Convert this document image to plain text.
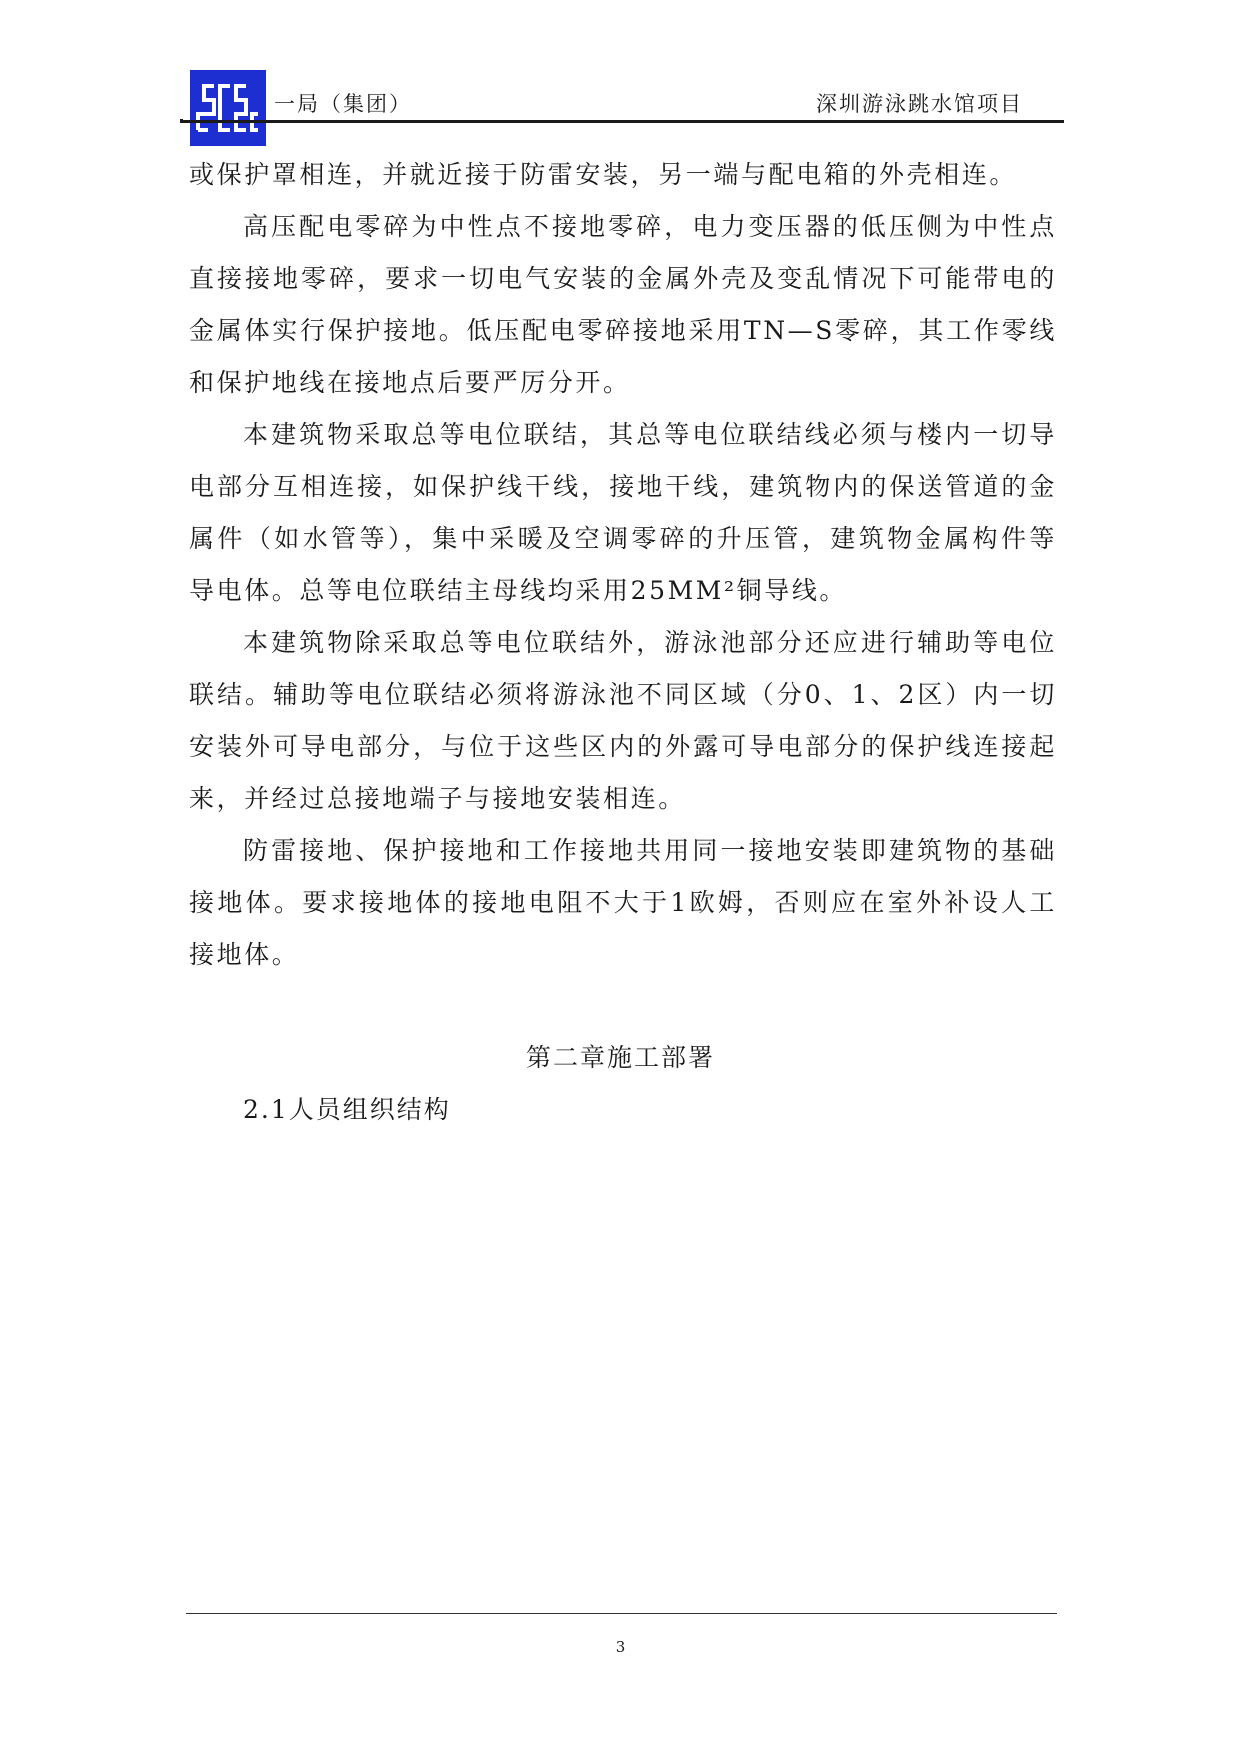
一局（集团）	深圳游泳跳水馆项目

或保护罩相连，并就近接于防雷安装，另一端与配电箱的外壳相连。

高压配电零碎为中性点不接地零碎，电力变压器的低压侧为中性点直接接地零碎，要求一切电气安装的金属外壳及变乱情况下可能带电的金属体实行保护接地。低压配电零碎接地采用TN—S零碎，其工作零线和保护地线在接地点后要严厉分开。

本建筑物采取总等电位联结，其总等电位联结线必须与楼内一切导电部分互相连接，如保护线干线，接地干线，建筑物内的保送管道的金属件（如水管等），集中采暖及空调零碎的升压管，建筑物金属构件等导电体。总等电位联结主母线均采用25MM²铜导线。

本建筑物除采取总等电位联结外，游泳池部分还应进行辅助等电位联结。辅助等电位联结必须将游泳池不同区域（分0、1、2区）内一切安装外可导电部分，与位于这些区内的外露可导电部分的保护线连接起来，并经过总接地端子与接地安装相连。

防雷接地、保护接地和工作接地共用同一接地安装即建筑物的基础接地体。要求接地体的接地电阻不大于1欧姆，否则应在室外补设人工接地体。

第二章施工部署
2.1人员组织结构
3
